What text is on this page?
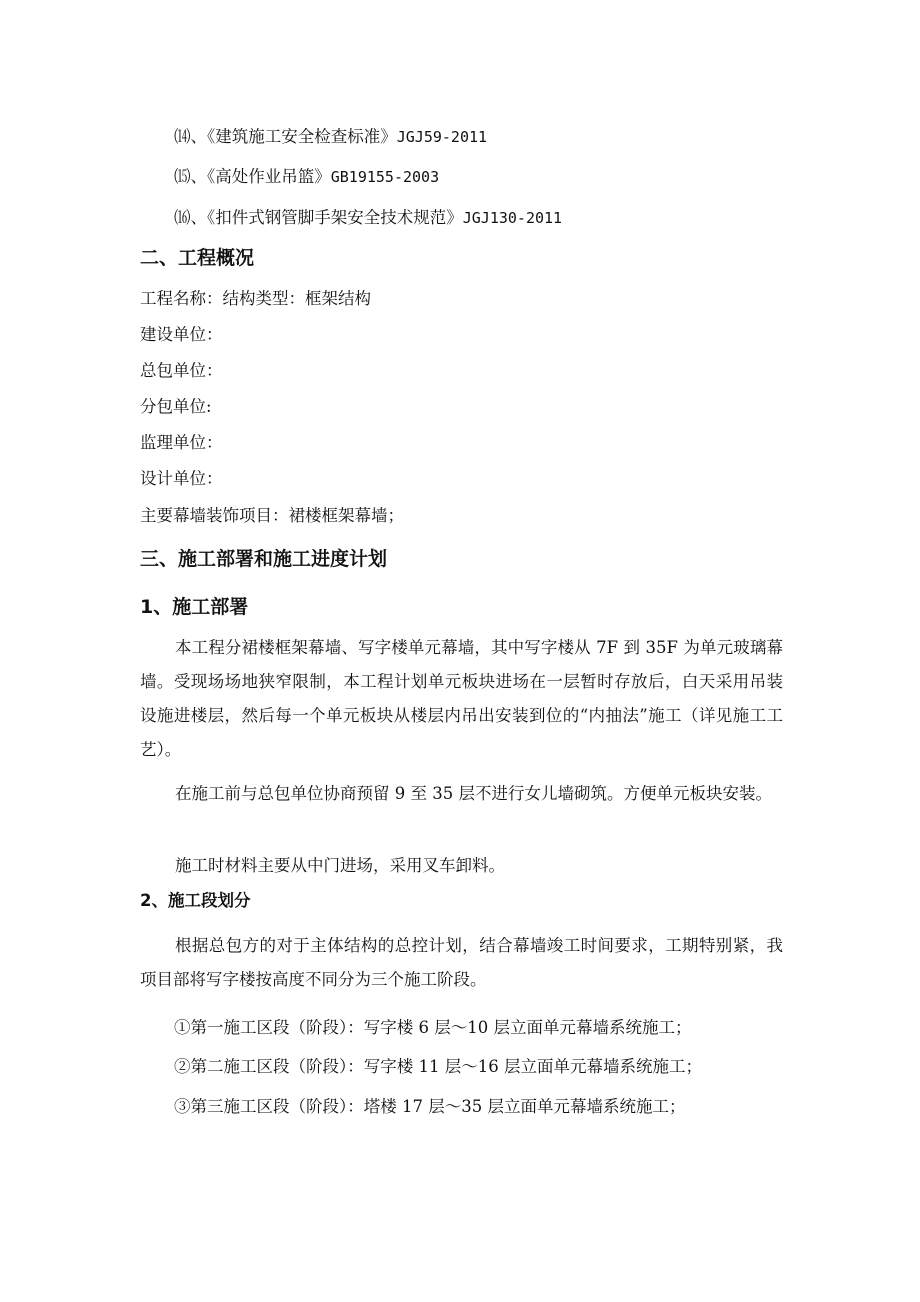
⒁、《建筑施工安全检查标准》JGJ59-2011
⒂、《高处作业吊篮》GB19155-2003
⒃、《扣件式钢管脚手架安全技术规范》JGJ130-2011
二、工程概况
工程名称：结构类型：框架结构
建设单位：
总包单位：
分包单位:
监理单位：
设计单位：
主要幕墙装饰项目：裙楼框架幕墙；
三、施工部署和施工进度计划
1、施工部署

本工程分裙楼框架幕墙、写字楼单元幕墙，其中写字楼从 7F 到 35F 为单元玻璃幕墙。受现场场地狭窄限制，本工程计划单元板块进场在一层暂时存放后，白天采用吊装设施进楼层，然后每一个单元板块从楼层内吊出安装到位的“内抽法”施工（详见施工工艺）。

在施工前与总包单位协商预留 9 至 35 层不进行女儿墙砌筑。方便单元板块安装。

施工时材料主要从中门进场，采用叉车卸料。

2、施工段划分

根据总包方的对于主体结构的总控计划，结合幕墙竣工时间要求，工期特别紧，我项目部将写字楼按高度不同分为三个施工阶段。

①第一施工区段（阶段）：写字楼 6 层～10 层立面单元幕墙系统施工；
②第二施工区段（阶段）：写字楼 11 层～16 层立面单元幕墙系统施工；
③第三施工区段（阶段）：塔楼 17 层～35 层立面单元幕墙系统施工；
